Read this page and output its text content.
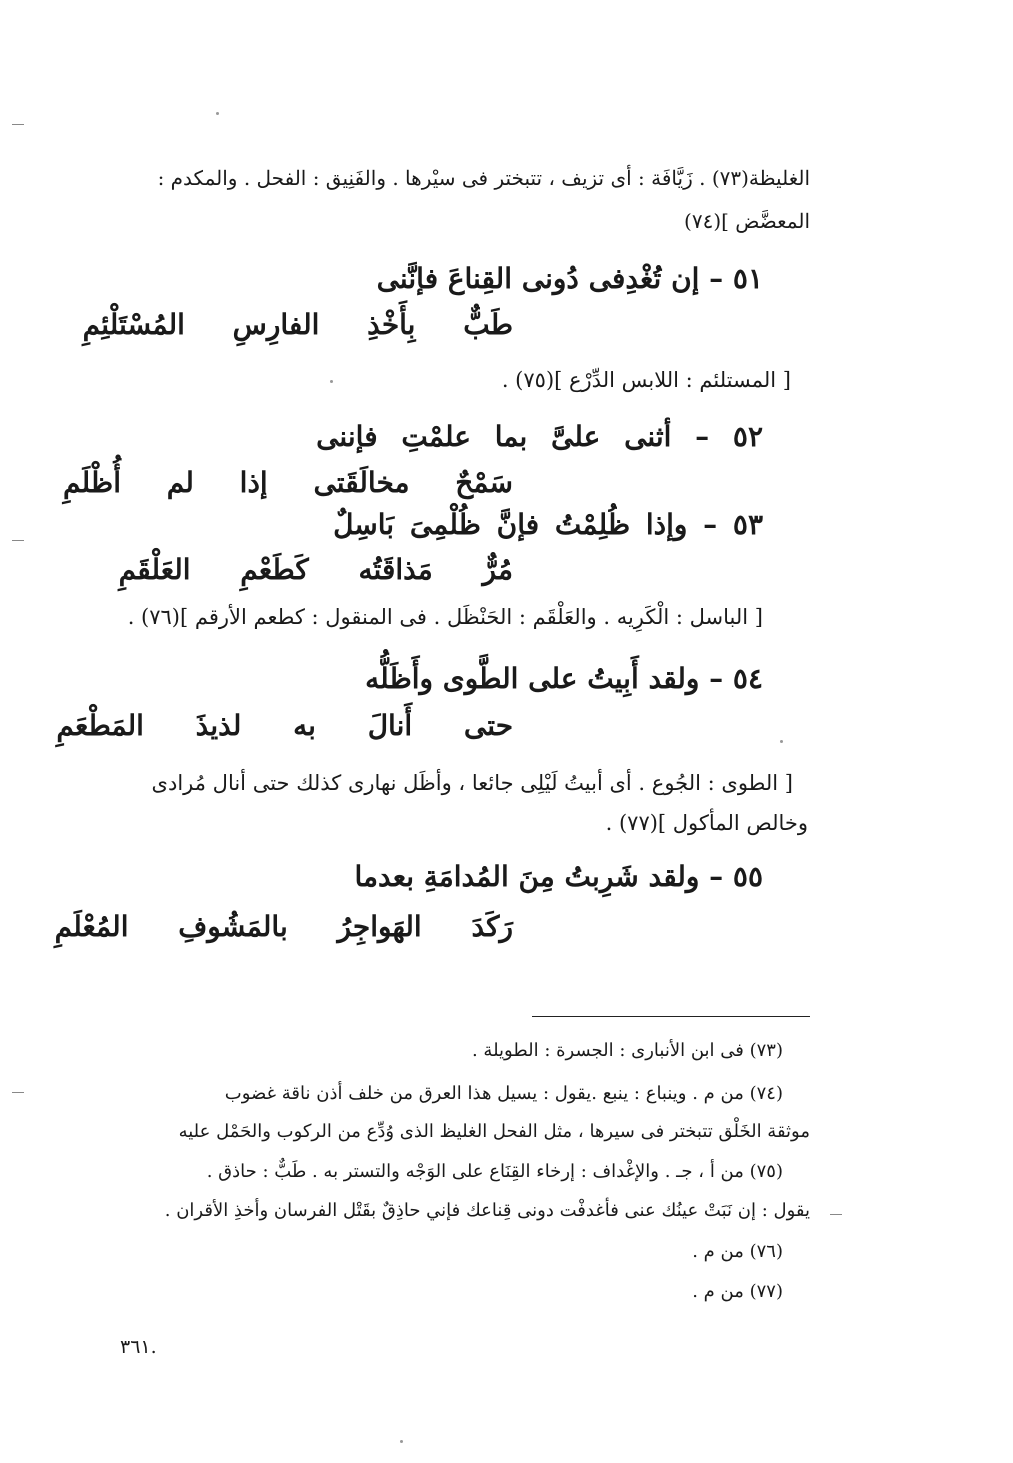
الغليظة(٧٣) . زَيَّافَة : أى تزيف ، تتبختر فى سيْرها . والفَنِيق : الفحل . والمكدم :
المعضَّض ](٧٤)
٥١ – إن تُغْدِفى دُونى القِناعَ فإنَّنى
طَبٌّ بِأَخْذِ الفارِسِ المُسْتَلْئِمِ
[ المستلئم : اللابس الدِّرْع ](٧٥) .
٥٢ – أثنى علىَّ بما علمْتِ فإننى
سَمْحٌ مخالَقَتى إذا لم أُظْلَمِ
٥٣ – وإذا ظُلِمْتُ فإنَّ ظُلْمِىَ بَاسِلٌ
مُرٌّ مَذاقَتُه كَطَعْمِ العَلْقَمِ
[ الباسل : الْكَرِيه . والعَلْقَم : الحَنْظَل . فى المنقول : كطعم الأرقم ](٧٦) .
٥٤ – ولقد أَبِيتُ على الطَّوى وأَظَلُّه
حتى أَنالَ به لذيذَ المَطْعَمِ
[ الطوى : الجُوع . أى أبيتُ لَيْلِى جائعا ، وأظَل نهارى كذلك حتى أنال مُرادى
وخالص المأكول ](٧٧) .
٥٥ – ولقد شَرِبتُ مِنَ المُدامَةِ بعدما
رَكَدَ الهَواجِرُ بالمَشُوفِ المُعْلَمِ
(٧٣) فى ابن الأنبارى : الجسرة : الطويلة .
(٧٤) من م . وينباع : ينبع .يقول : يسيل هذا العرق من خلف أذن ناقة غضوب
موثقة الخَلْق تتبختر فى سيرها ، مثل الفحل الغليظ الذى وُدِّع من الركوب والحَمْل عليه
(٧٥) من أ ، جـ . والإغْداف : إرخاء القِنَاع على الوَجْه والتستر به . طَبٌّ : حاذق .
يقول : إن نَبَتْ عينُك عنى فأغدفْت دونى قِناعك فإني حاذِقٌ بقَتْل الفرسان وأخذِ الأقران .
(٧٦) من م .
(٧٧) من م .
٣٦١.
